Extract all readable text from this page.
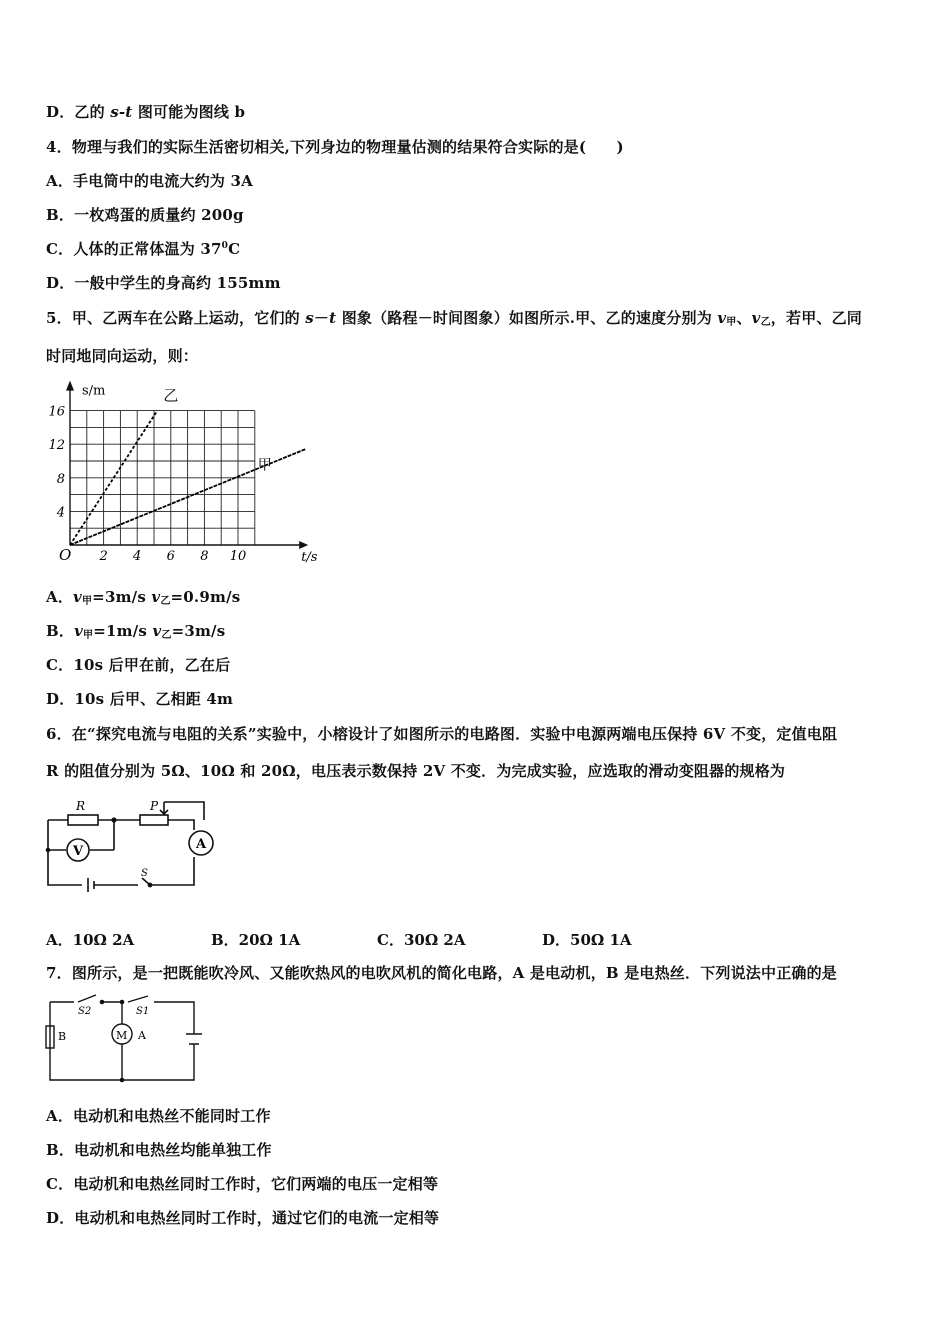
D．乙的 s-t 图可能为图线 b
4．物理与我们的实际生活密切相关,下列身边的物理量估测的结果符合实际的是(　　)
A．手电筒中的电流大约为 3A
B．一枚鸡蛋的质量约 200g
C．人体的正常体温为 $37^0C$
D．一般中学生的身高约 155mm
5．甲、乙两车在公路上运动，它们的 s－t 图象（路程－时间图象）如图所示.甲、乙的速度分别为 $v_甲$、$v_乙$，若甲、乙同
时同地同向运动，则：
2 4 6 8 10
4
8
12
16
O
s/m
t/s
乙
甲
A．$v_甲=3m/s$ $v_乙=0.9m/s$
B．$v_甲=1m/s$ $v_乙=3m/s$
C．10s 后甲在前，乙在后
D．10s 后甲、乙相距 4m
6．在“探究电流与电阻的关系”实验中，小榕设计了如图所示的电路图．实验中电源两端电压保持 6V 不变，定值电阻
R 的阻值分别为 5Ω、10Ω 和 20Ω，电压表示数保持 2V 不变．为完成实验，应选取的滑动变阻器的规格为
R	P
V	A
S
A．10Ω 2A	B．20Ω 1A	C．30Ω 2A	D．50Ω 1A
7．图所示，是一把既能吹冷风、又能吹热风的电吹风机的简化电路，A 是电动机，B 是电热丝．下列说法中正确的是
S2	S1
B	M A
A．电动机和电热丝不能同时工作
B．电动机和电热丝均能单独工作
C．电动机和电热丝同时工作时，它们两端的电压一定相等
D．电动机和电热丝同时工作时，通过它们的电流一定相等
